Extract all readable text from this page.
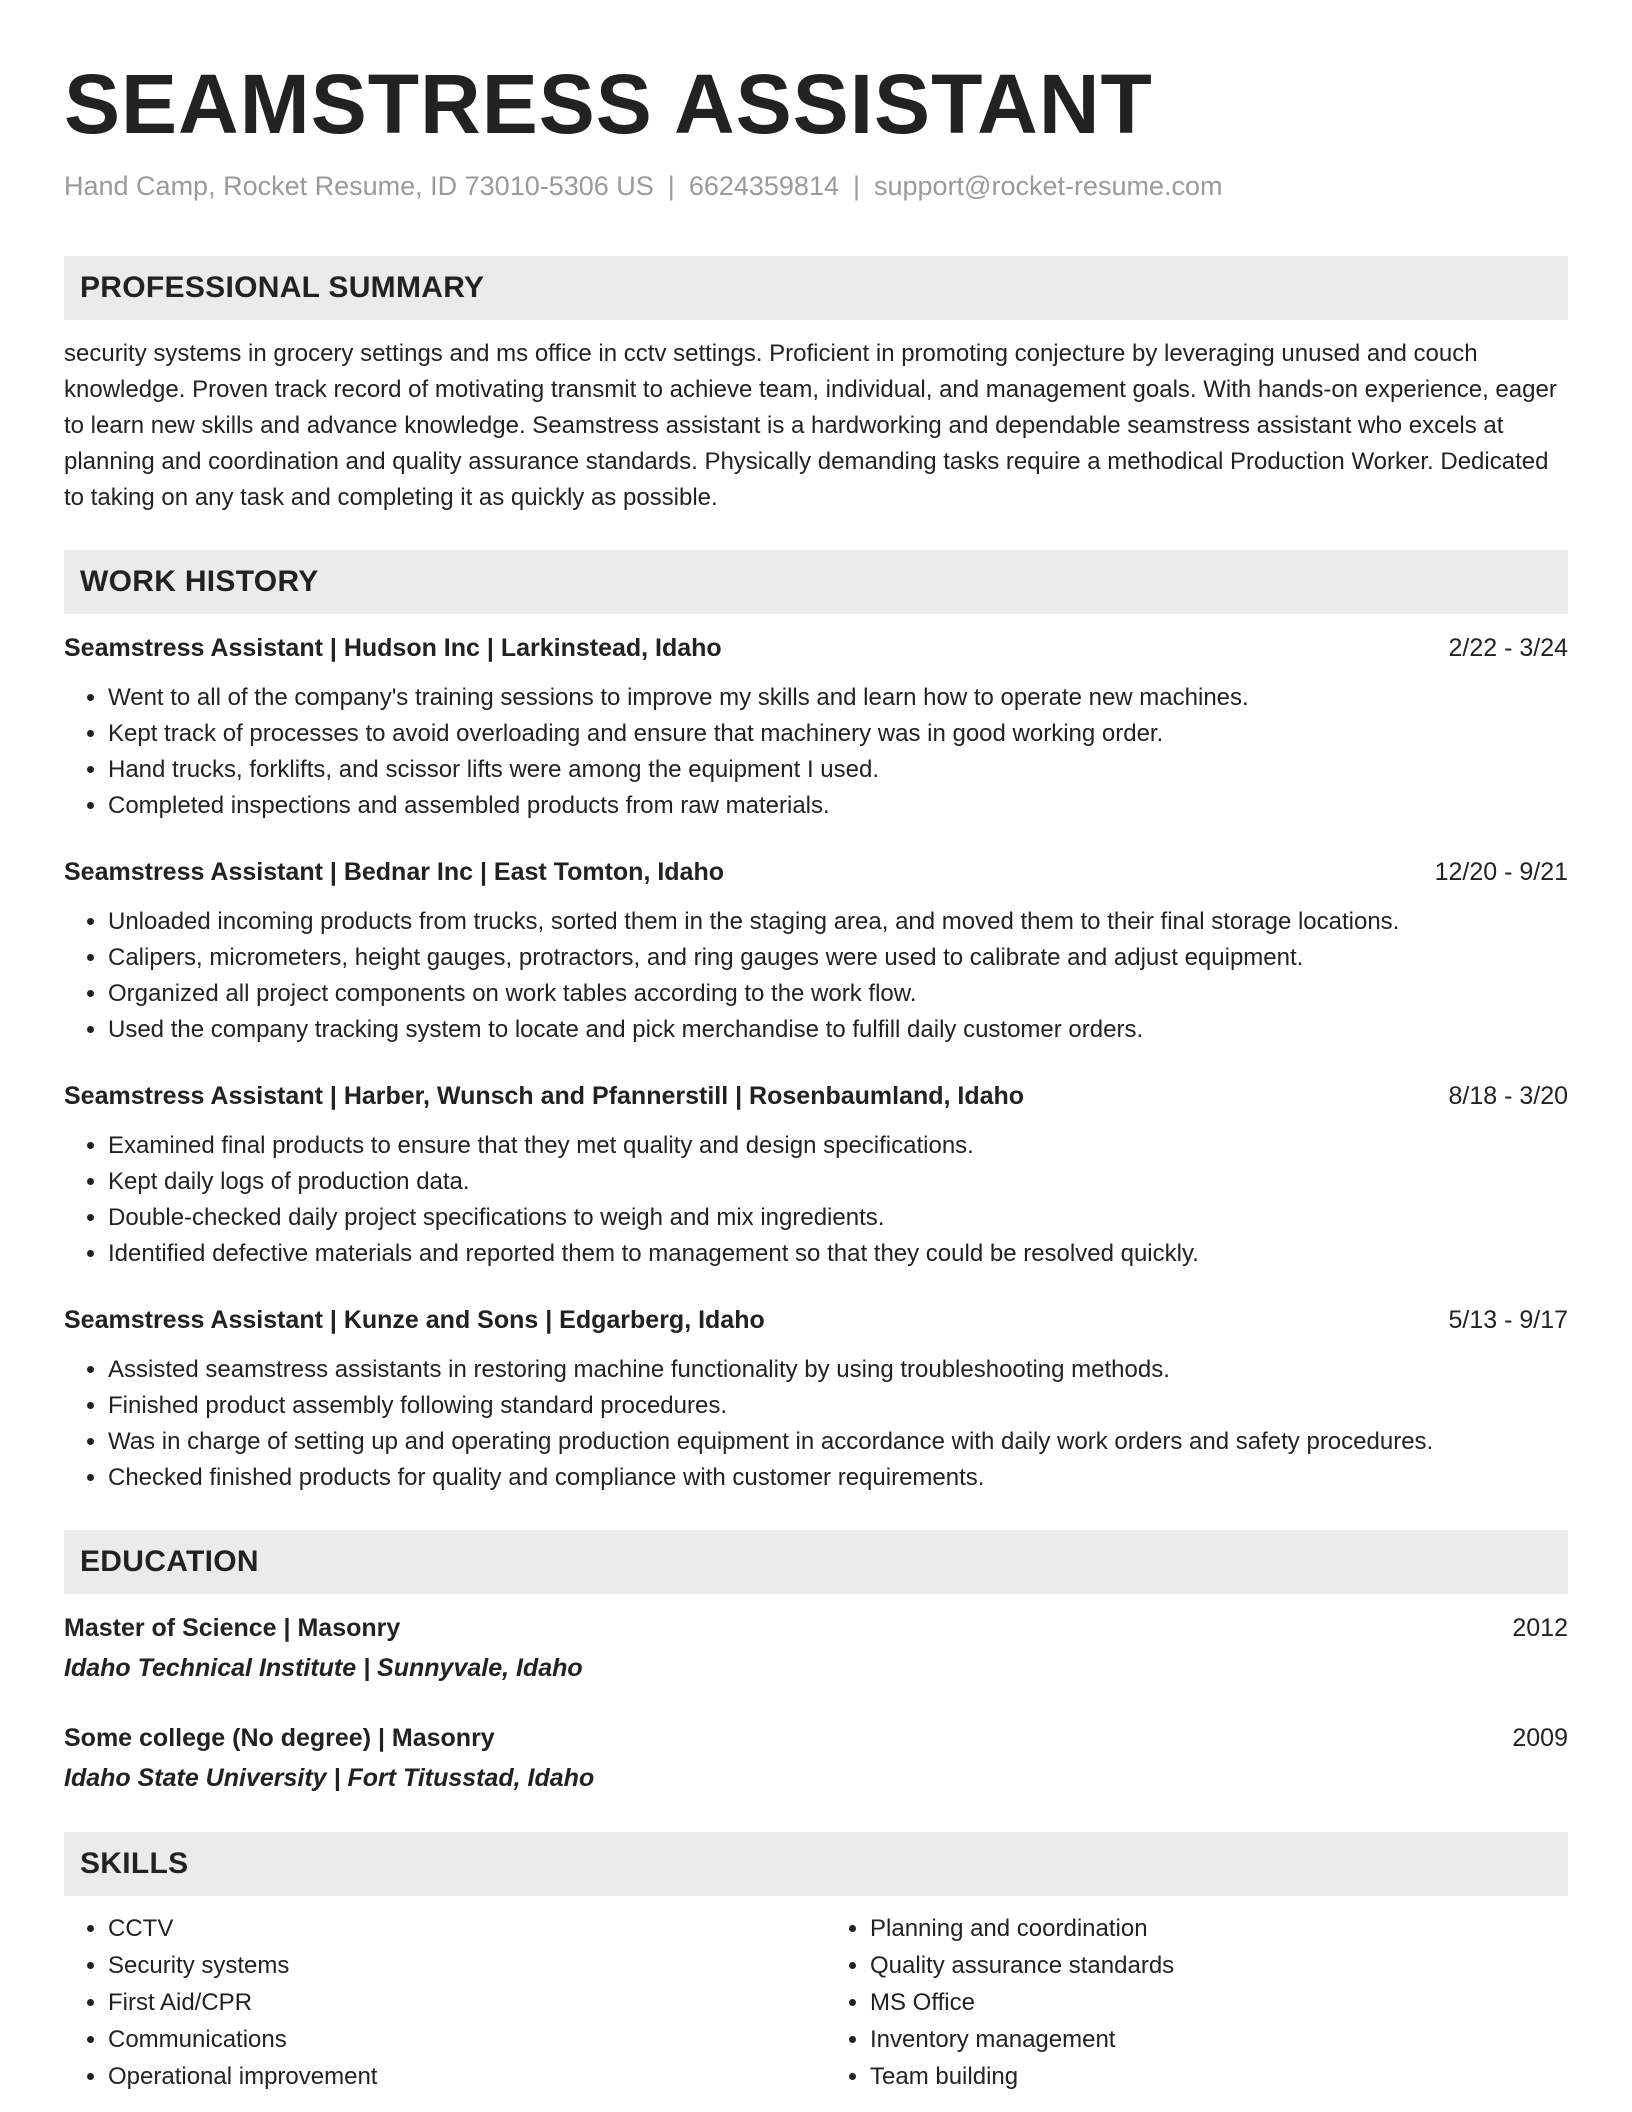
SEAMSTRESS ASSISTANT
Hand Camp, Rocket Resume, ID 73010-5306 US | 6624359814 | support@rocket-resume.com
PROFESSIONAL SUMMARY
security systems in grocery settings and ms office in cctv settings. Proficient in promoting conjecture by leveraging unused and couch knowledge. Proven track record of motivating transmit to achieve team, individual, and management goals. With hands-on experience, eager to learn new skills and advance knowledge. Seamstress assistant is a hardworking and dependable seamstress assistant who excels at planning and coordination and quality assurance standards. Physically demanding tasks require a methodical Production Worker. Dedicated to taking on any task and completing it as quickly as possible.
WORK HISTORY
Seamstress Assistant | Hudson Inc | Larkinstead, Idaho	2/22 - 3/24
• Went to all of the company's training sessions to improve my skills and learn how to operate new machines.
• Kept track of processes to avoid overloading and ensure that machinery was in good working order.
• Hand trucks, forklifts, and scissor lifts were among the equipment I used.
• Completed inspections and assembled products from raw materials.
Seamstress Assistant | Bednar Inc | East Tomton, Idaho	12/20 - 9/21
• Unloaded incoming products from trucks, sorted them in the staging area, and moved them to their final storage locations.
• Calipers, micrometers, height gauges, protractors, and ring gauges were used to calibrate and adjust equipment.
• Organized all project components on work tables according to the work flow.
• Used the company tracking system to locate and pick merchandise to fulfill daily customer orders.
Seamstress Assistant | Harber, Wunsch and Pfannerstill | Rosenbaumland, Idaho	8/18 - 3/20
• Examined final products to ensure that they met quality and design specifications.
• Kept daily logs of production data.
• Double-checked daily project specifications to weigh and mix ingredients.
• Identified defective materials and reported them to management so that they could be resolved quickly.
Seamstress Assistant | Kunze and Sons | Edgarberg, Idaho	5/13 - 9/17
• Assisted seamstress assistants in restoring machine functionality by using troubleshooting methods.
• Finished product assembly following standard procedures.
• Was in charge of setting up and operating production equipment in accordance with daily work orders and safety procedures.
• Checked finished products for quality and compliance with customer requirements.
EDUCATION
Master of Science | Masonry	2012
Idaho Technical Institute | Sunnyvale, Idaho
Some college (No degree) | Masonry	2009
Idaho State University | Fort Titusstad, Idaho
SKILLS
• CCTV
• Security systems
• First Aid/CPR
• Communications
• Operational improvement
• Planning and coordination
• Quality assurance standards
• MS Office
• Inventory management
• Team building
